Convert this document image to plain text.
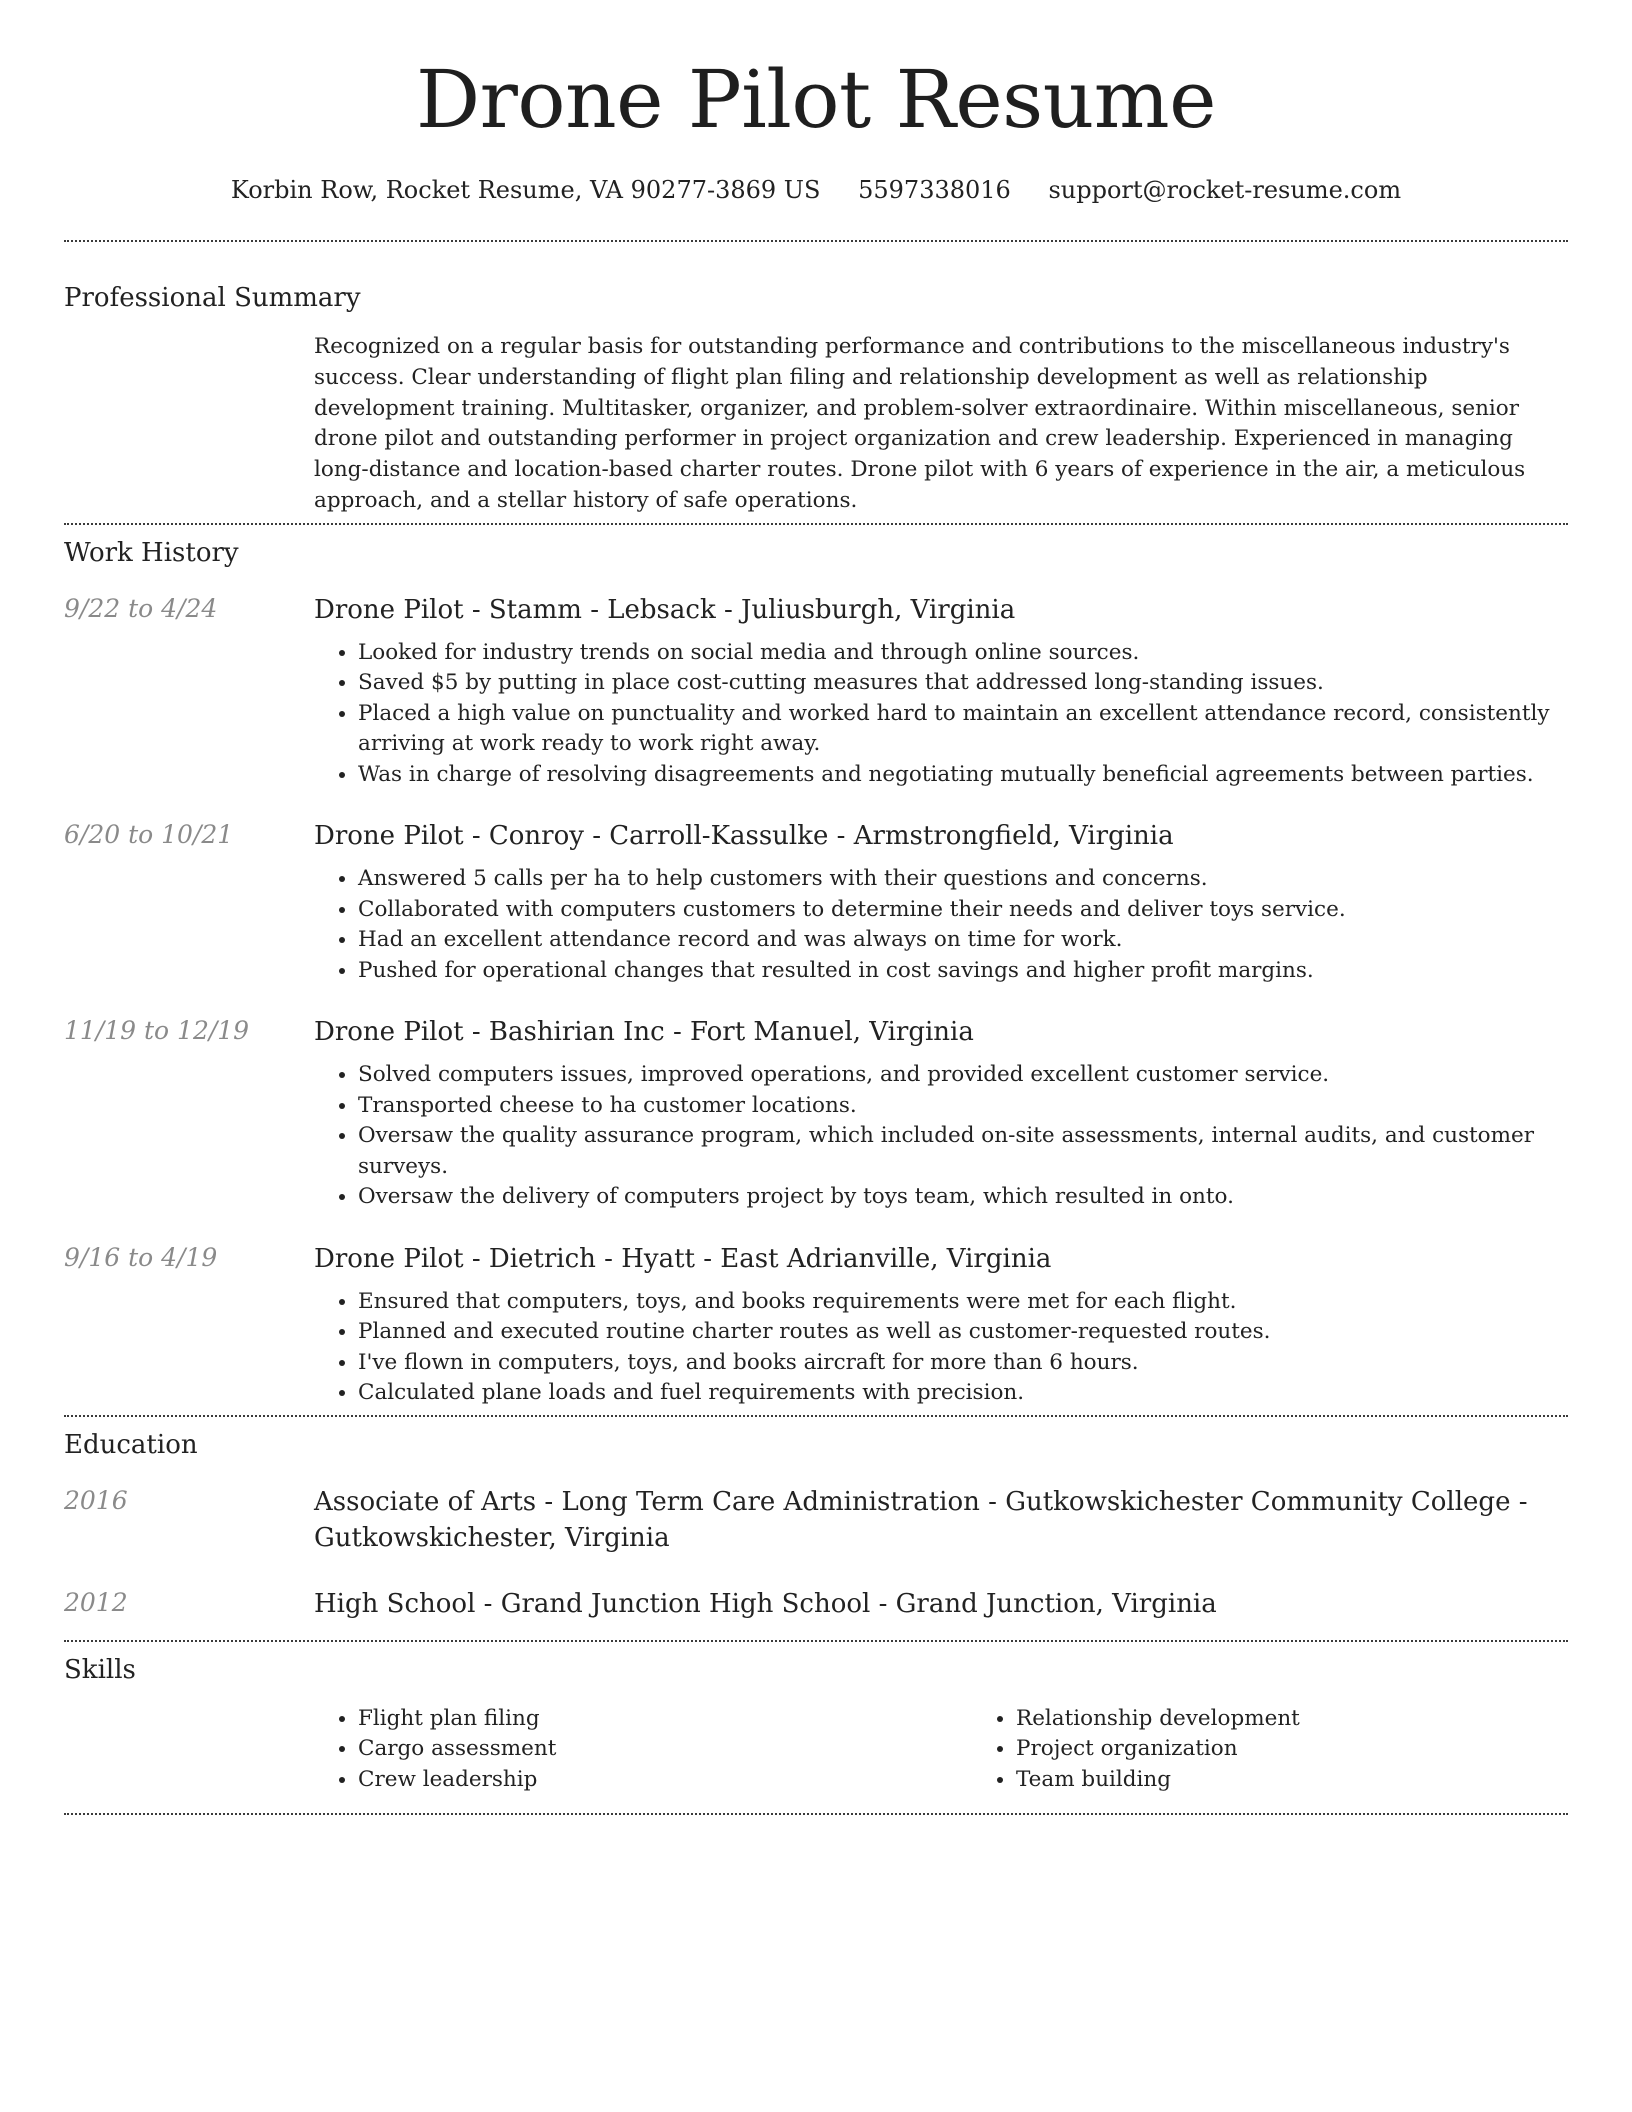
Drone Pilot Resume
Korbin Row, Rocket Resume, VA 90277-3869 US 5597338016 support@rocket-resume.com
Professional Summary

Recognized on a regular basis for outstanding performance and contributions to the miscellaneous industry's success. Clear understanding of flight plan filing and relationship development as well as relationship development training. Multitasker, organizer, and problem-solver extraordinaire. Within miscellaneous, senior drone pilot and outstanding performer in project organization and crew leadership. Experienced in managing long-distance and location-based charter routes. Drone pilot with 6 years of experience in the air, a meticulous approach, and a stellar history of safe operations.

Work History
9/22 to 4/24	Drone Pilot - Stamm - Lebsack - Juliusburgh, Virginia
• Looked for industry trends on social media and through online sources.
• Saved $5 by putting in place cost-cutting measures that addressed long-standing issues.
• Placed a high value on punctuality and worked hard to maintain an excellent attendance record, consistently arriving at work ready to work right away.
• Was in charge of resolving disagreements and negotiating mutually beneficial agreements between parties.
6/20 to 10/21	Drone Pilot - Conroy - Carroll-Kassulke - Armstrongfield, Virginia
• Answered 5 calls per ha to help customers with their questions and concerns.
• Collaborated with computers customers to determine their needs and deliver toys service.
• Had an excellent attendance record and was always on time for work.
• Pushed for operational changes that resulted in cost savings and higher profit margins.
11/19 to 12/19	Drone Pilot - Bashirian Inc - Fort Manuel, Virginia
• Solved computers issues, improved operations, and provided excellent customer service.
• Transported cheese to ha customer locations.
• Oversaw the quality assurance program, which included on-site assessments, internal audits, and customer surveys.
• Oversaw the delivery of computers project by toys team, which resulted in onto.
9/16 to 4/19	Drone Pilot - Dietrich - Hyatt - East Adrianville, Virginia
• Ensured that computers, toys, and books requirements were met for each flight.
• Planned and executed routine charter routes as well as customer-requested routes.
• I've flown in computers, toys, and books aircraft for more than 6 hours.
• Calculated plane loads and fuel requirements with precision.
Education
2016	Associate of Arts - Long Term Care Administration - Gutkowskichester Community College - Gutkowskichester, Virginia
2012	High School - Grand Junction High School - Grand Junction, Virginia
Skills
• Flight plan filing
• Cargo assessment
• Crew leadership
• Relationship development
• Project organization
• Team building
